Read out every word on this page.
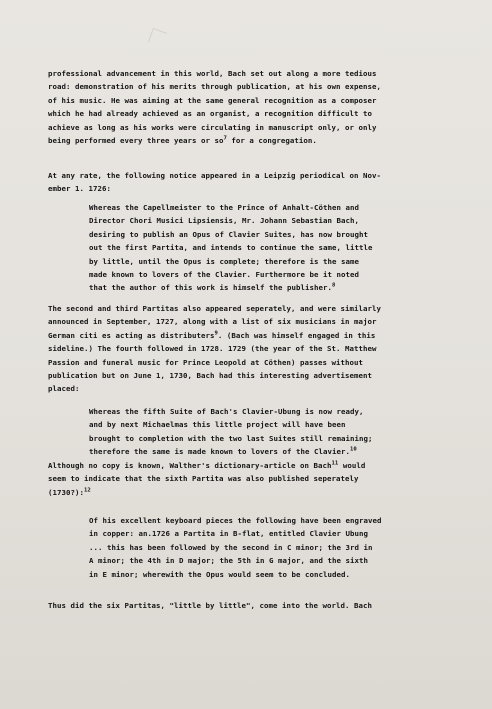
professional advancement in this world, Bach set out along a more tedious
road: demonstration of his merits through publication, at his own expense,
of his music. He was aiming at the same general recognition as a composer
which he had already achieved as an organist, a recognition difficult to
achieve as long as his works were circulating in manuscript only, or only
being performed every three years or $so^7$ for a congregation.
At any rate, the following notice appeared in a Leipzig periodical on Nov-
ember 1. 1726:
Whereas the Capellmeister to the Prince of Anhalt-Cöthen and
Director Chori Musici Lipsiensis, Mr. Johann Sebastian Bach,
desiring to publish an Opus of Clavier Suites, has now brought
out the first Partita, and intends to continue the same, little
by little, until the Opus is complete; therefore is the same
made known to lovers of the Clavier. Furthermore be it noted
that the author of this work is himself the publisher.$^8$
The second and third Partitas also appeared seperately, and were similarly
announced in September, 1727, along with a list of six musicians in major
German citi es acting as distributers$^9$. (Bach was himself engaged in this
sideline.) The fourth followed in 1728. 1729 (the year of the St. Matthew
Passion and funeral music for Prince Leopold at Cöthen) passes without
publication but on June 1, 1730, Bach had this interesting advertisement
placed:
Whereas the fifth Suite of Bach's Clavier-Ubung is now ready,
and by next Michaelmas this little project will have been
brought to completion with the two last Suites still remaining;
therefore the same is made known to lovers of the Clavier.$^{10}$
Although no copy is known, Walther's dictionary-article on Bach$^{11}$ would
seem to indicate that the sixth Partita was also published seperately
(1730?):$^{12}$
Of his excellent keyboard pieces the following have been engraved
in copper: an.1726 a Partita in B-flat, entitled Clavier Ubung
... this has been followed by the second in C minor; the 3rd in
A minor; the 4th in D major; the 5th in G major, and the sixth
in E minor; wherewith the Opus would seem to be concluded.
Thus did the six Partitas, "little by little", come into the world. Bach
